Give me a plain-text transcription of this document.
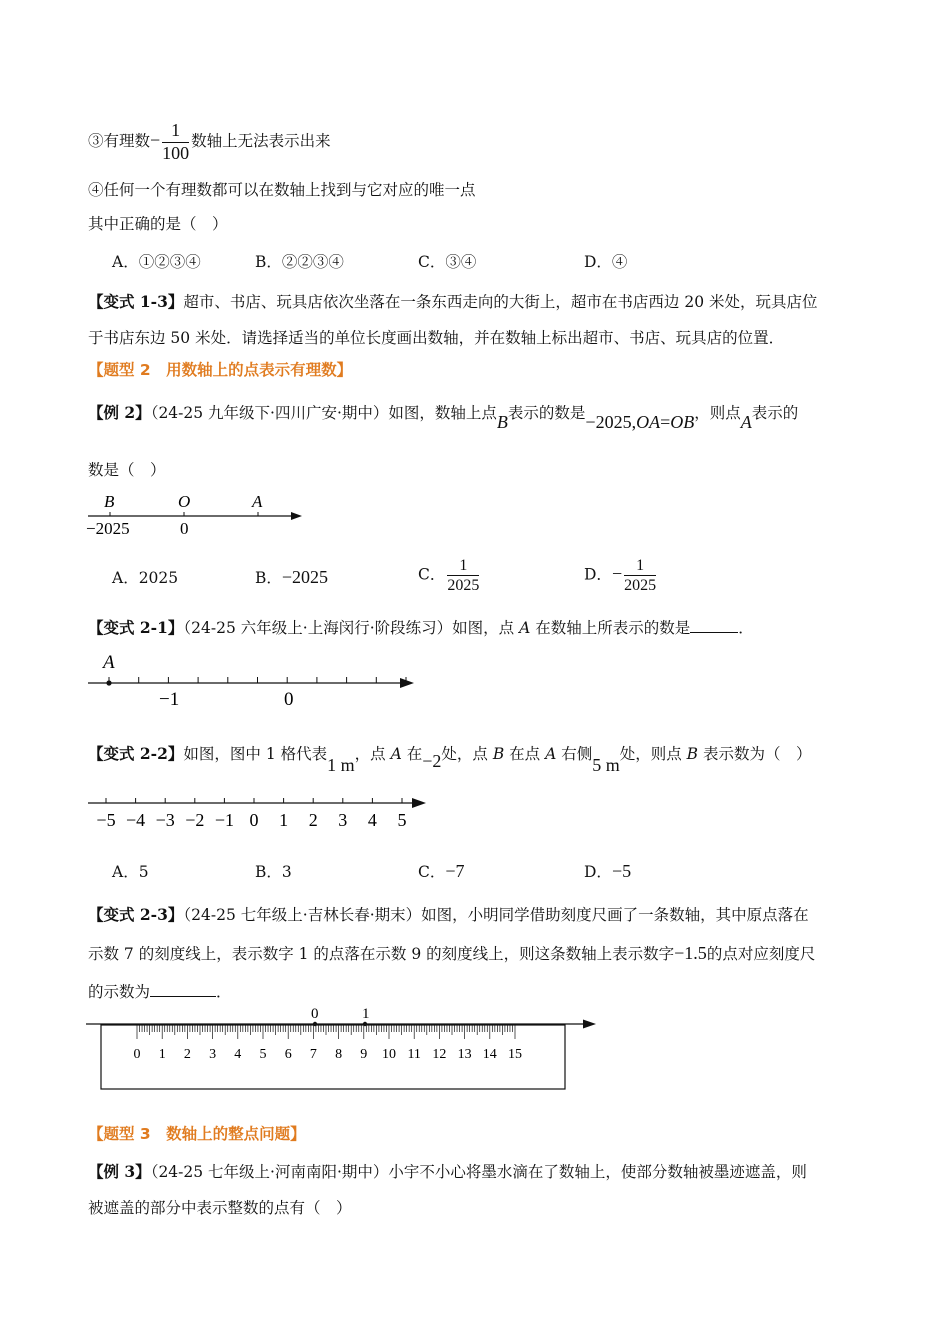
③有理数− $\frac{1}{100}$ 数轴上无法表示出来
④任何一个有理数都可以在数轴上找到与它对应的唯一点
其中正确的是（　）
A．①②③④	B．②②③④	C．③④	D．④
【变式 1-3】超市、书店、玩具店依次坐落在一条东西走向的大街上，超市在书店西边 20 米处，玩具店位
于书店东边 50 米处．请选择适当的单位长度画出数轴，并在数轴上标出超市、书店、玩具店的位置．
【题型 2　用数轴上的点表示有理数】
【例 2】（24-25 九年级下·四川广安·期中）如图，数轴上点B表示的数是−2025,OA=OB，则点A表示的
数是（　）
B	O	A
−2025	0
A．2025	B．−2025	C． $\frac{1}{2025}$	D．− $\frac{1}{2025}$
【变式 2-1】（24-25 六年级上·上海闵行·阶段练习）如图，点 A 在数轴上所表示的数是	．
A
−1	0
【变式 2-2】如图，图中 1 格代表1 m，点 A 在−2处，点 B 在点 A 右侧5 m处，则点 B 表示数为（　）
−5 −4 −3 −2 −1 0 1 2 3 4 5
A．5	B．3	C．−7	D．−5
【变式 2-3】（24-25 七年级上·吉林长春·期末）如图，小明同学借助刻度尺画了一条数轴，其中原点落在
示数 7 的刻度线上，表示数字 1 的点落在示数 9 的刻度线上，则这条数轴上表示数字−1.5的点对应刻度尺
的示数为	．
0 1 2 3 4 5 6 7 8 9 10 11 12 13 14 15
0	1
【题型 3　数轴上的整点问题】
【例 3】（24-25 七年级上·河南南阳·期中）小宇不小心将墨水滴在了数轴上，使部分数轴被墨迹遮盖，则
被遮盖的部分中表示整数的点有（　）
